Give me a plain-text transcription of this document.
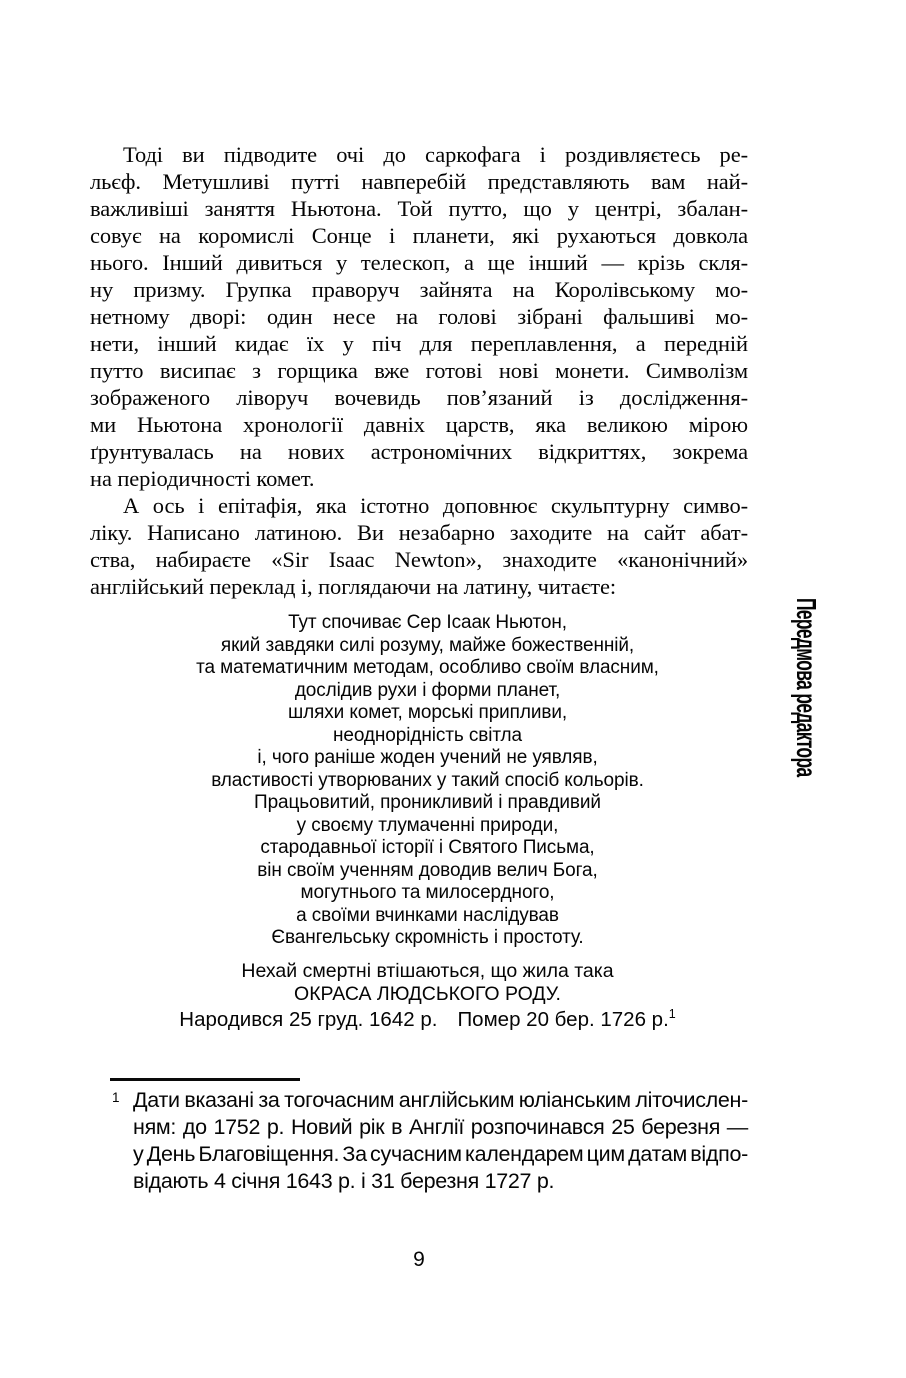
Передмова редактора
Тоді ви підводите очі до саркофага і роздивляєтесь ре-
льєф. Метушливі путті навперебій представляють вам най-
важливіші заняття Ньютона. Той путто, що у центрі, збалан-
совує на коромислі Сонце і планети, які рухаються довкола
нього. Інший дивиться у телескоп, а ще інший — крізь скля-
ну призму. Групка праворуч зайнята на Королівському мо-
нетному дворі: один несе на голові зібрані фальшиві мо-
нети, інший кидає їх у піч для переплавлення, а передній
путто висипає з горщика вже готові нові монети. Символізм
зображеного ліворуч вочевидь пов’язаний із дослідження-
ми Ньютона хронології давніх царств, яка великою мірою
ґрунтувалась на нових астрономічних відкриттях, зокрема
на періодичності комет.
А ось і епітафія, яка істотно доповнює скульптурну симво-
ліку. Написано латиною. Ви незабарно заходите на сайт абат-
ства, набираєте «Sir Isaac Newton», знаходите «канонічний»
англійський переклад і, поглядаючи на латину, читаєте:
Тут спочиває Сер Ісаак Ньютон,
який завдяки силі розуму, майже божественній,
та математичним методам, особливо своїм власним,
дослідив рухи і форми планет,
шляхи комет, морські припливи,
неоднорідність світла
і, чого раніше жоден учений не уявляв,
властивості утворюваних у такий спосіб кольорів.
Працьовитий, проникливий і правдивий
у своєму тлумаченні природи,
стародавньої історії і Святого Письма,
він своїм ученням доводив велич Бога,
могутнього та милосердного,
а своїми вчинками наслідував
Євангельську скромність і простоту.
Нехай смертні втішаються, що жила така
ОКРАСА ЛЮДСЬКОГО РОДУ.
Народився 25 груд. 1642 р. Помер 20 бер. 1726 р.$^1$
1 Дати вказані за тогочасним англійським юліанським літочислен-
ням: до 1752 р. Новий рік в Англії розпочинався 25 березня —
у День Благовіщення. За сучасним календарем цим датам відпо-
відають 4 січня 1643 р. і 31 березня 1727 р.
9
